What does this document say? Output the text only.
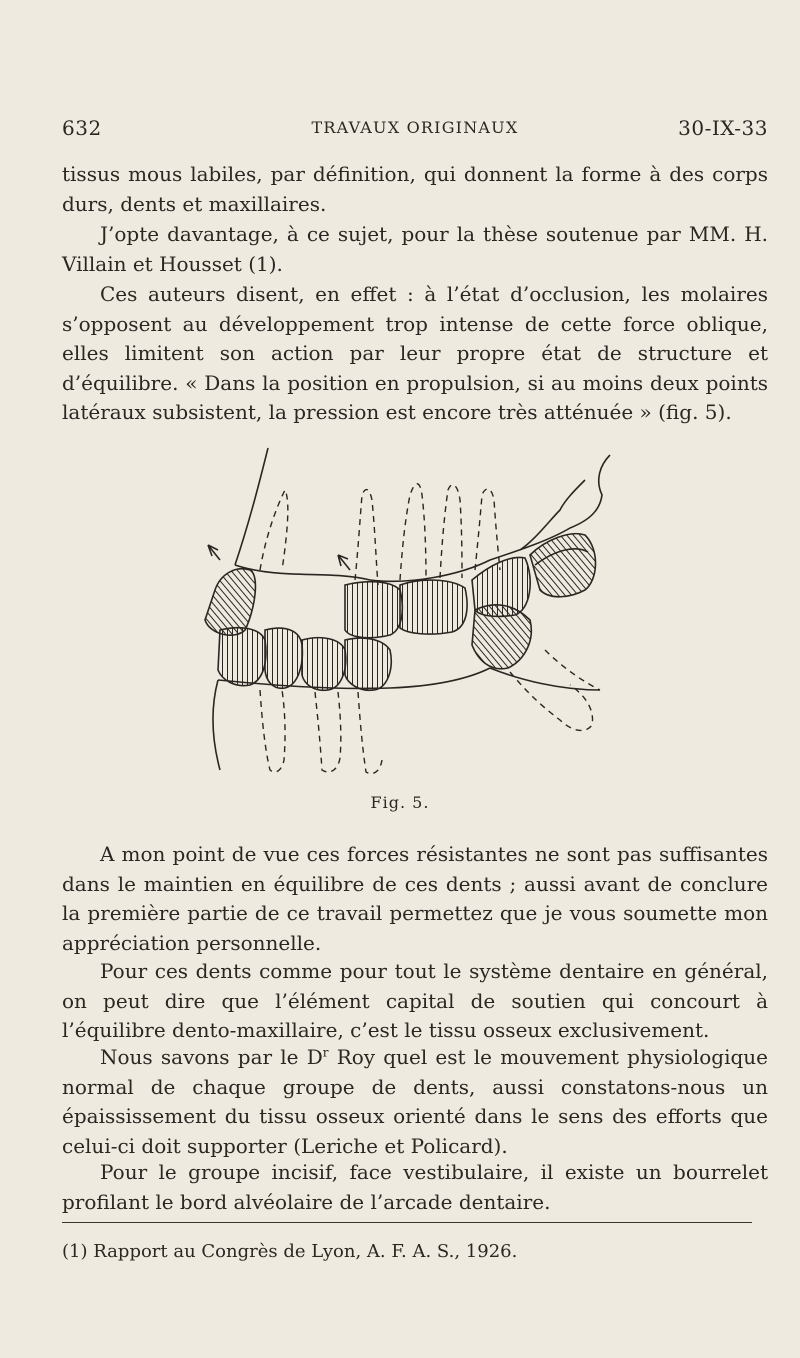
632	TRAVAUX ORIGINAUX	30-IX-33

tissus mous labiles, par définition, qui donnent la forme à des corps durs, dents et maxillaires.

J’opte davantage, à ce sujet, pour la thèse soutenue par MM. H. Villain et Housset (1).

Ces auteurs disent, en effet : à l’état d’occlusion, les molaires s’opposent au développement trop intense de cette force oblique, elles limitent son action par leur propre état de structure et d’équilibre. « Dans la position en propulsion, si au moins deux points latéraux subsistent, la pression est encore très atténuée » (fig. 5).

Fig. 5.

A mon point de vue ces forces résistantes ne sont pas suffisantes dans le maintien en équilibre de ces dents ; aussi avant de conclure la première partie de ce travail permettez que je vous soumette mon appréciation personnelle.

Pour ces dents comme pour tout le système dentaire en général, on peut dire que l’élément capital de soutien qui concourt à l’équilibre dento-maxillaire, c’est le tissu osseux exclusivement.

Nous savons par le $D^r$ Roy quel est le mouvement physiologique normal de chaque groupe de dents, aussi constatons-nous un épaississement du tissu osseux orienté dans le sens des efforts que celui-ci doit supporter (Leriche et Policard).

Pour le groupe incisif, face vestibulaire, il existe un bourrelet profilant le bord alvéolaire de l’arcade dentaire.

(1) Rapport au Congrès de Lyon, A. F. A. S., 1926.
